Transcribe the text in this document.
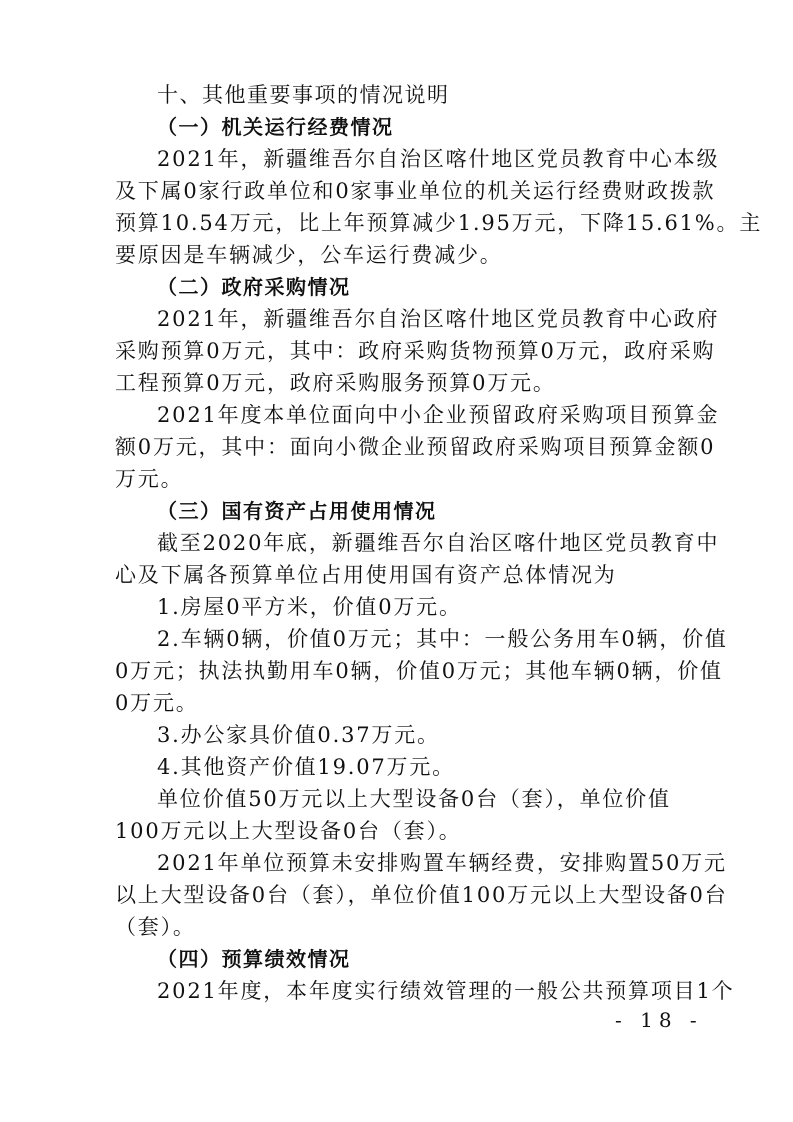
十、其他重要事项的情况说明
（一）机关运行经费情况
2021年，新疆维吾尔自治区喀什地区党员教育中心本级
及下属0家行政单位和0家事业单位的机关运行经费财政拨款
预算10.54万元，比上年预算减少1.95万元，下降15.61%。主
要原因是车辆减少，公车运行费减少。
（二）政府采购情况
2021年，新疆维吾尔自治区喀什地区党员教育中心政府
采购预算0万元，其中：政府采购货物预算0万元，政府采购
工程预算0万元，政府采购服务预算0万元。
2021年度本单位面向中小企业预留政府采购项目预算金
额0万元，其中：面向小微企业预留政府采购项目预算金额0
万元。
（三）国有资产占用使用情况
截至2020年底，新疆维吾尔自治区喀什地区党员教育中
心及下属各预算单位占用使用国有资产总体情况为
1.房屋0平方米，价值0万元。
2.车辆0辆，价值0万元；其中：一般公务用车0辆，价值
0万元；执法执勤用车0辆，价值0万元；其他车辆0辆，价值
0万元。
3.办公家具价值0.37万元。
4.其他资产价值19.07万元。
单位价值50万元以上大型设备0台（套），单位价值
100万元以上大型设备0台（套）。
2021年单位预算未安排购置车辆经费，安排购置50万元
以上大型设备0台（套），单位价值100万元以上大型设备0台
（套）。
（四）预算绩效情况
2021年度，本年度实行绩效管理的一般公共预算项目1个
- 18 -
